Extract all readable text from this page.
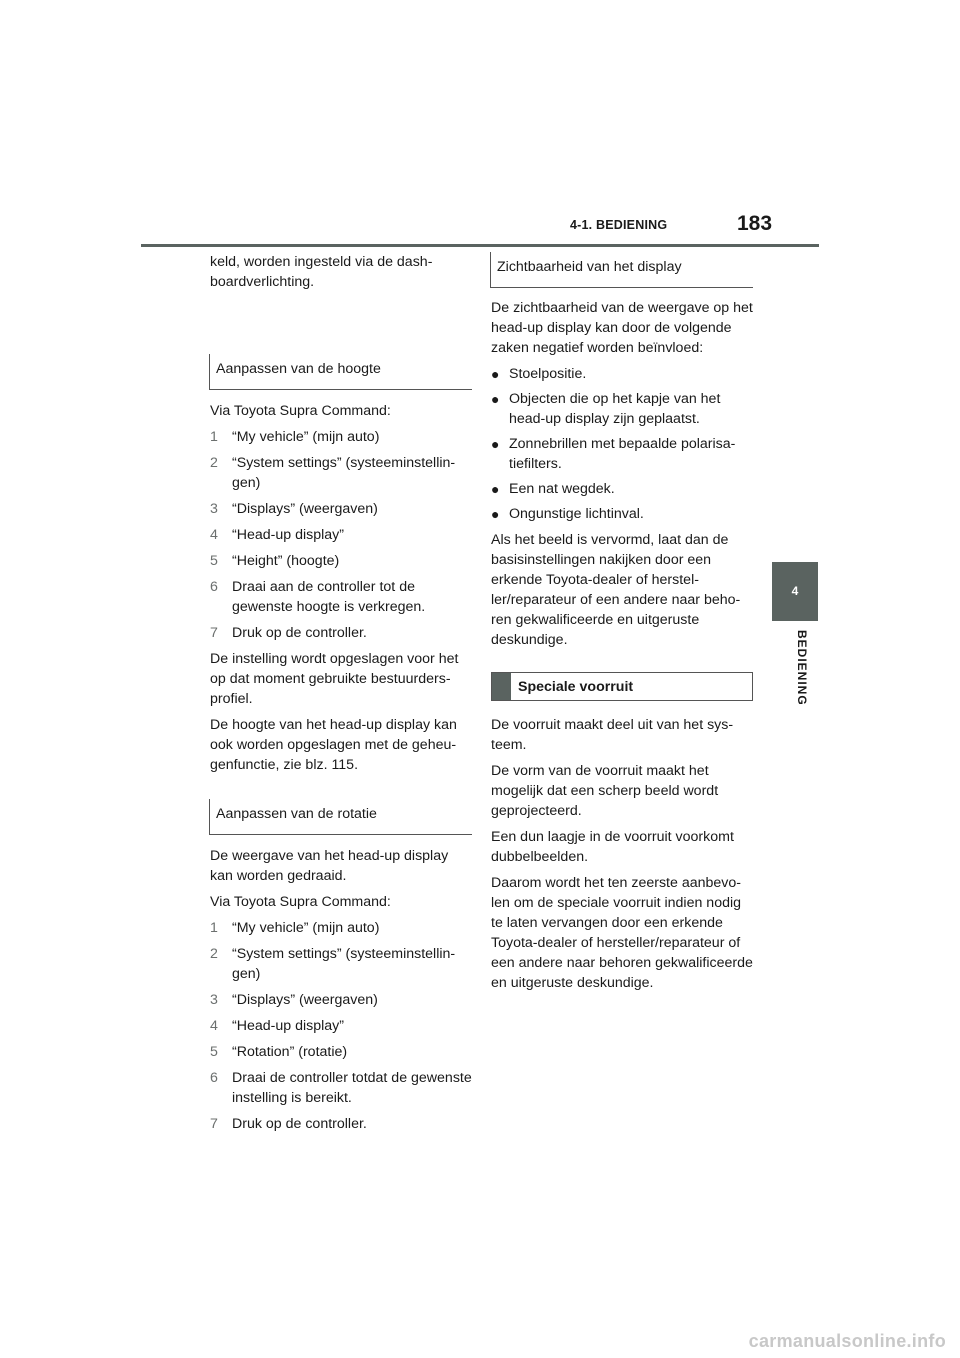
4-1. BEDIENING	183
4
BEDIENING

keld, worden ingesteld via de dashboardverlichting.

Aanpassen van de hoogte

Via Toyota Supra Command:

1 “My vehicle” (mijn auto)
2 “System settings” (systeeminstellingen)
3 “Displays” (weergaven)
4 “Head-up display”
5 “Height” (hoogte)
6 Draai aan de controller tot de gewenste hoogte is verkregen.
7 Druk op de controller.

De instelling wordt opgeslagen voor het op dat moment gebruikte bestuurdersprofiel.

De hoogte van het head-up display kan ook worden opgeslagen met de geheugenfunctie, zie blz. 115.

Aanpassen van de rotatie

De weergave van het head-up display kan worden gedraaid.

Via Toyota Supra Command:

1 “My vehicle” (mijn auto)
2 “System settings” (systeeminstellingen)
3 “Displays” (weergaven)
4 “Head-up display”
5 “Rotation” (rotatie)
6 Draai de controller totdat de gewenste instelling is bereikt.
7 Druk op de controller.
Zichtbaarheid van het display

De zichtbaarheid van de weergave op het head-up display kan door de volgende zaken negatief worden beïnvloed:

● Stoelpositie.
● Objecten die op het kapje van het head-up display zijn geplaatst.
● Zonnebrillen met bepaalde polarisatiefilters.
● Een nat wegdek.
● Ongunstige lichtinval.

Als het beeld is vervormd, laat dan de basisinstellingen nakijken door een erkende Toyota-dealer of hersteller/reparateur of een andere naar behoren gekwalificeerde en uitgeruste deskundige.

Speciale voorruit

De voorruit maakt deel uit van het systeem.

De vorm van de voorruit maakt het mogelijk dat een scherp beeld wordt geprojecteerd.

Een dun laagje in de voorruit voorkomt dubbelbeelden.

Daarom wordt het ten zeerste aanbevolen om de speciale voorruit indien nodig te laten vervangen door een erkende Toyota-dealer of hersteller/reparateur of een andere naar behoren gekwalificeerde en uitgeruste deskundige.

carmanualsonline.info
